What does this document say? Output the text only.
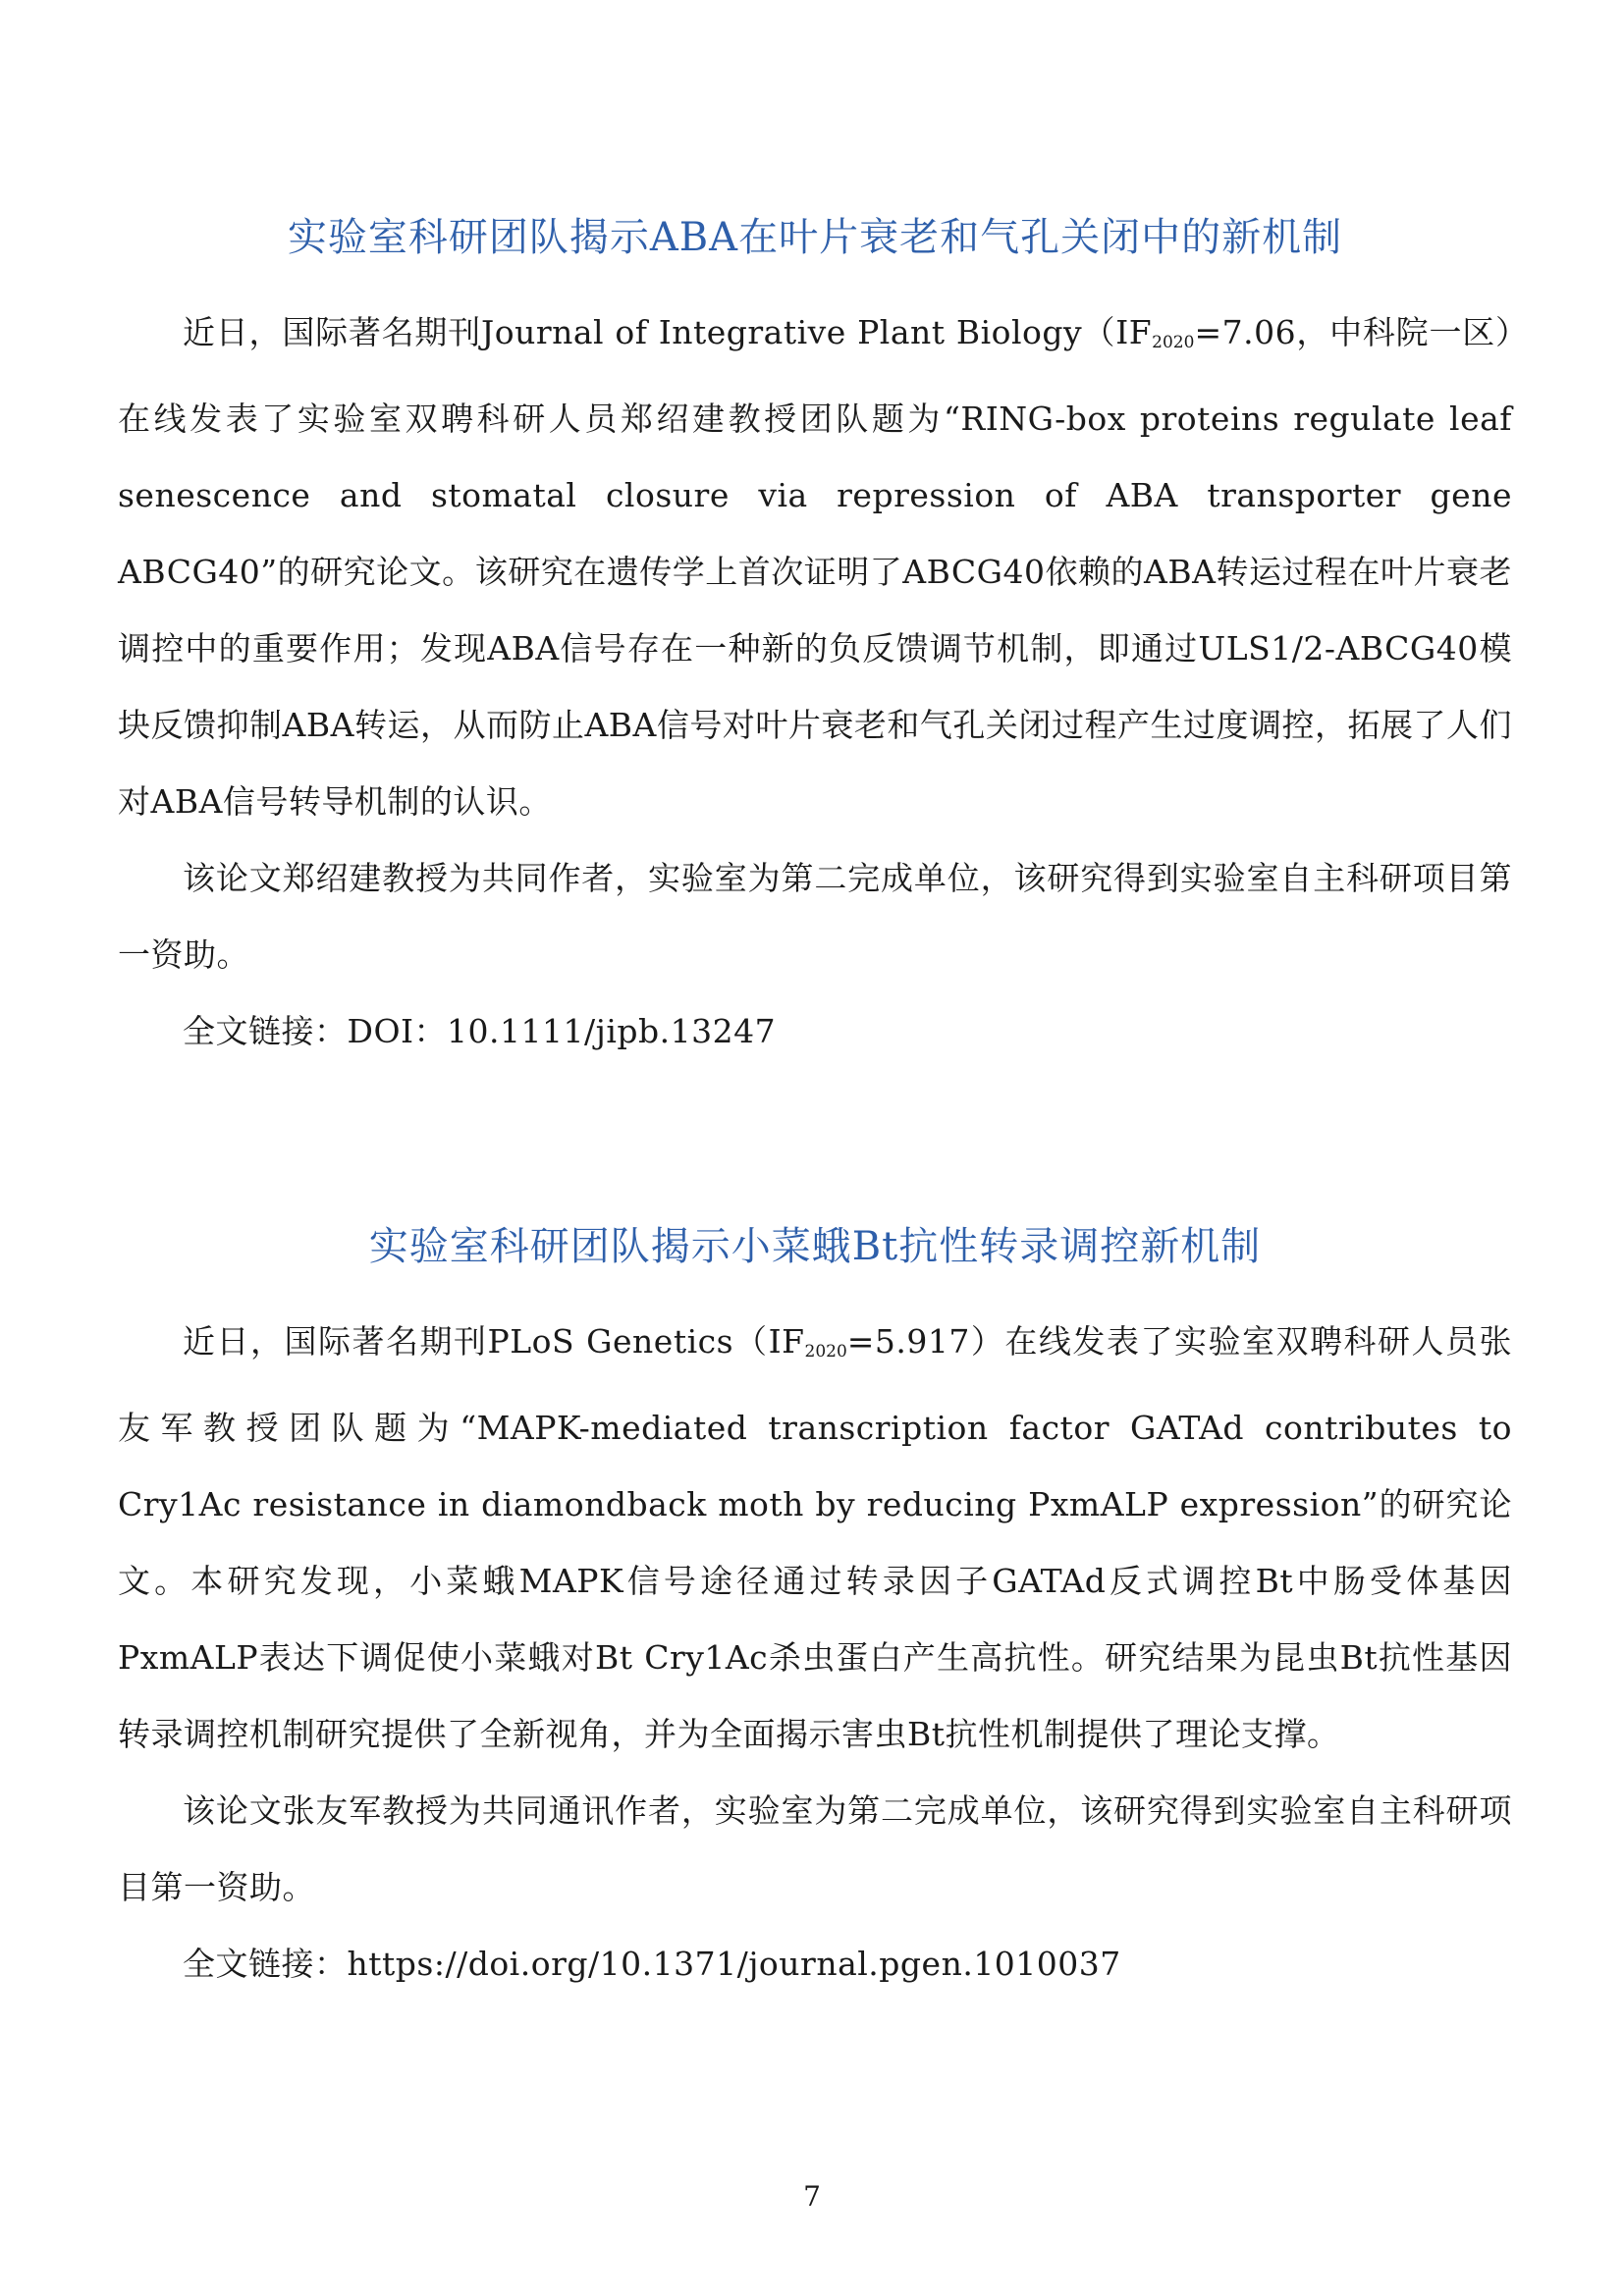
实验室科研团队揭示ABA在叶片衰老和气孔关闭中的新机制

近日，国际著名期刊Journal of Integrative Plant $Biology(IF_{2020}=7.06$，中科院一区）在线发表了实验室双聘科研人员郑绍建教授团队题为“RING-box proteins regulate leaf senescence and stomatal closure via repression of ABA transporter gene ABCG40”的研究论文。该研究在遗传学上首次证明了ABCG40依赖的ABA转运过程在叶片衰老调控中的重要作用；发现ABA信号存在一种新的负反馈调节机制，即通过ULS1/2-ABCG40模块反馈抑制ABA转运，从而防止ABA信号对叶片衰老和气孔关闭过程产生过度调控，拓展了人们对ABA信号转导机制的认识。

该论文郑绍建教授为共同作者，实验室为第二完成单位，该研究得到实验室自主科研项目第一资助。

全文链接：DOI：10.1111/jipb.13247

实验室科研团队揭示小菜蛾Bt抗性转录调控新机制

近日，国际著名期刊PLoS $Genetics(IF_{2020}=5.917)$在线发表了实验室双聘科研人员张友军教授团队题为“MAPK-mediated transcription factor GATAd contributes to Cry1Ac resistance in diamondback moth by reducing PxmALP expression”的研究论文。本研究发现，小菜蛾MAPK信号途径通过转录因子GATAd反式调控Bt中肠受体基因PxmALP表达下调促使小菜蛾对Bt Cry1Ac杀虫蛋白产生高抗性。研究结果为昆虫Bt抗性基因转录调控机制研究提供了全新视角，并为全面揭示害虫Bt抗性机制提供了理论支撑。

该论文张友军教授为共同通讯作者，实验室为第二完成单位，该研究得到实验室自主科研项目第一资助。

全文链接：https://doi.org/10.1371/journal.pgen.1010037

7
